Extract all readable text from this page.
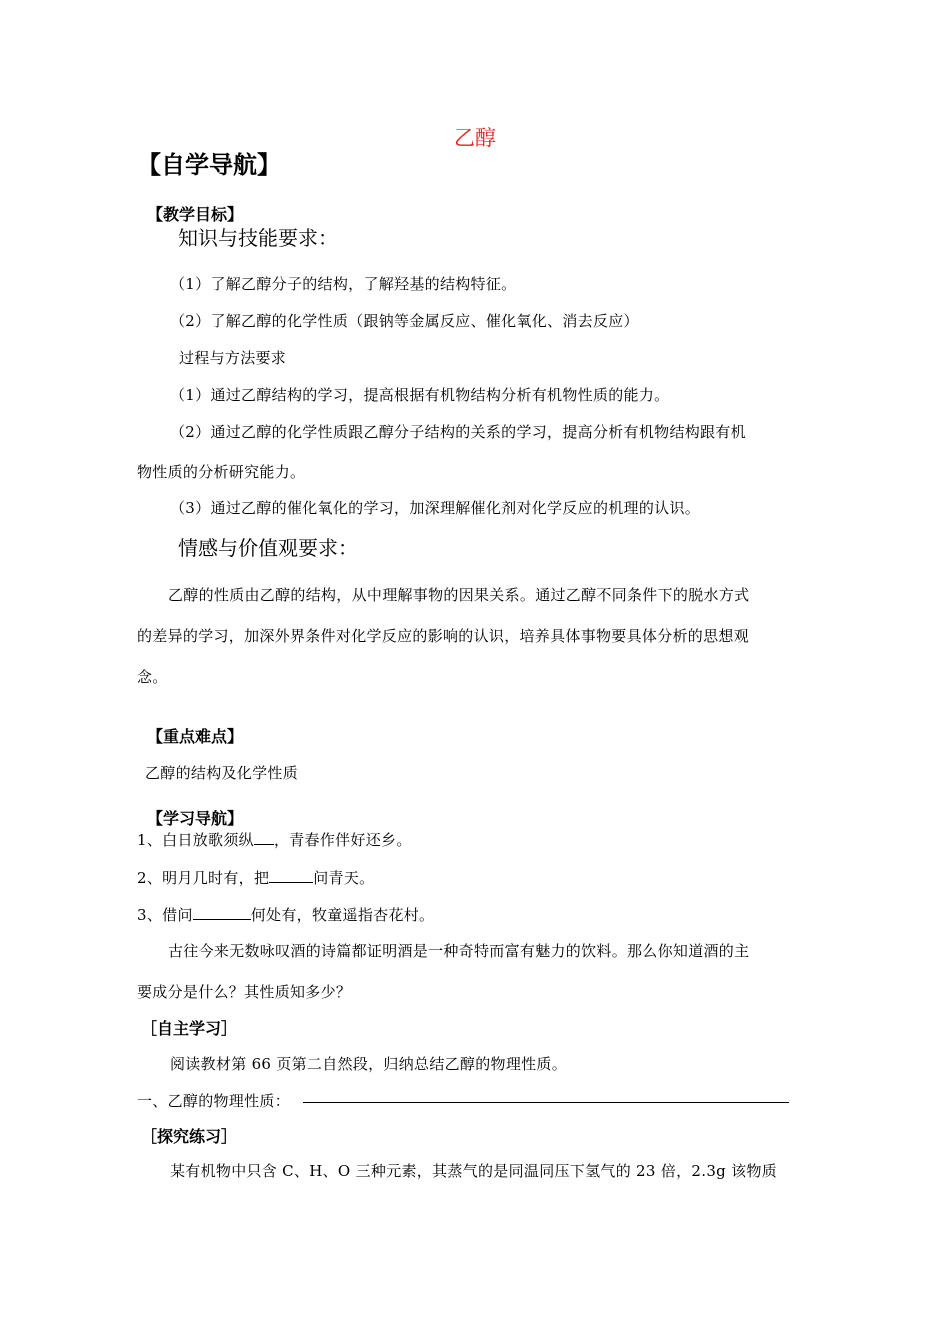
乙醇
【自学导航】
【教学目标】
知识与技能要求：
（1）了解乙醇分子的结构，了解羟基的结构特征。
（2）了解乙醇的化学性质（跟钠等金属反应、催化氧化、消去反应）
过程与方法要求
（1）通过乙醇结构的学习，提高根据有机物结构分析有机物性质的能力。
（2）通过乙醇的化学性质跟乙醇分子结构的关系的学习，提高分析有机物结构跟有机
物性质的分析研究能力。
（3）通过乙醇的催化氧化的学习，加深理解催化剂对化学反应的机理的认识。
情感与价值观要求：
乙醇的性质由乙醇的结构，从中理解事物的因果关系。通过乙醇不同条件下的脱水方式
的差异的学习，加深外界条件对化学反应的影响的认识，培养具体事物要具体分析的思想观
念。
【重点难点】
乙醇的结构及化学性质
【学习导航】
1、白日放歌须纵 ，青春作伴好还乡。
2、明月几时有，把	问青天。
3、借问	何处有，牧童遥指杏花村。
古往今来无数咏叹酒的诗篇都证明酒是一种奇特而富有魅力的饮料。那么你知道酒的主
要成分是什么？其性质知多少？
［自主学习］
阅读教材第 66 页第二自然段，归纳总结乙醇的物理性质。
一、乙醇的物理性质：
［探究练习］
某有机物中只含 C、H、O 三种元素，其蒸气的是同温同压下氢气的 23 倍，2.3g 该物质
